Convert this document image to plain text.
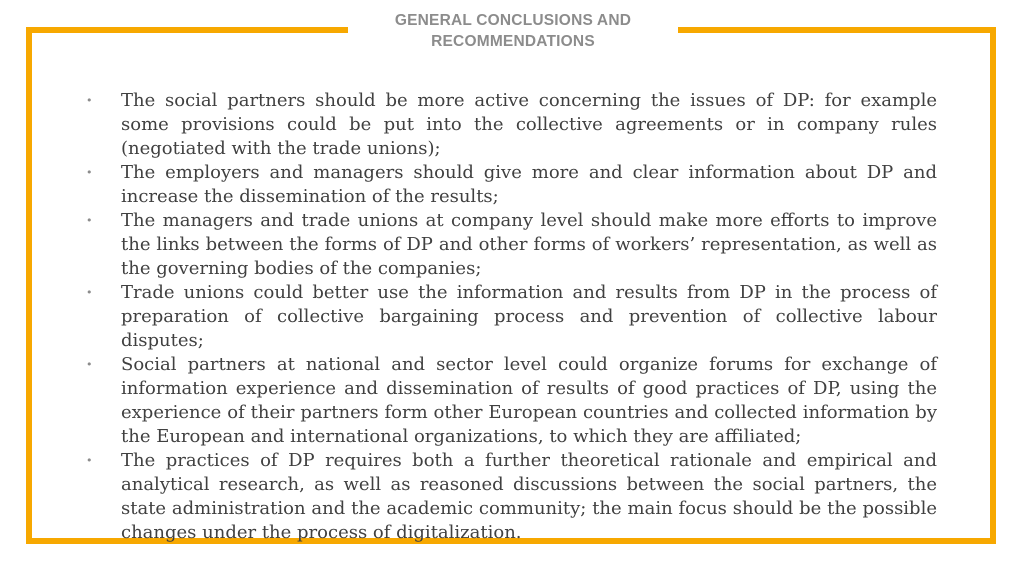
GENERAL CONCLUSIONS AND
RECOMMENDATIONS
• The social partners should be more active concerning the issues of DP: for example some provisions could be put into the collective agreements or in company rules (negotiated with the trade unions);
• The employers and managers should give more and clear information about DP and increase the dissemination of the results;
• The managers and trade unions at company level should make more efforts to improve the links between the forms of DP and other forms of workers’ representation, as well as the governing bodies of the companies;
• Trade unions could better use the information and results from DP in the process of preparation of collective bargaining process and prevention of collective labour disputes;
• Social partners at national and sector level could organize forums for exchange of information experience and dissemination of results of good practices of DP, using the experience of their partners form other European countries and collected information by the European and international organizations, to which they are affiliated;
• The practices of DP requires both a further theoretical rationale and empirical and analytical research, as well as reasoned discussions between the social partners, the state administration and the academic community; the main focus should be the possible changes under the process of digitalization.
